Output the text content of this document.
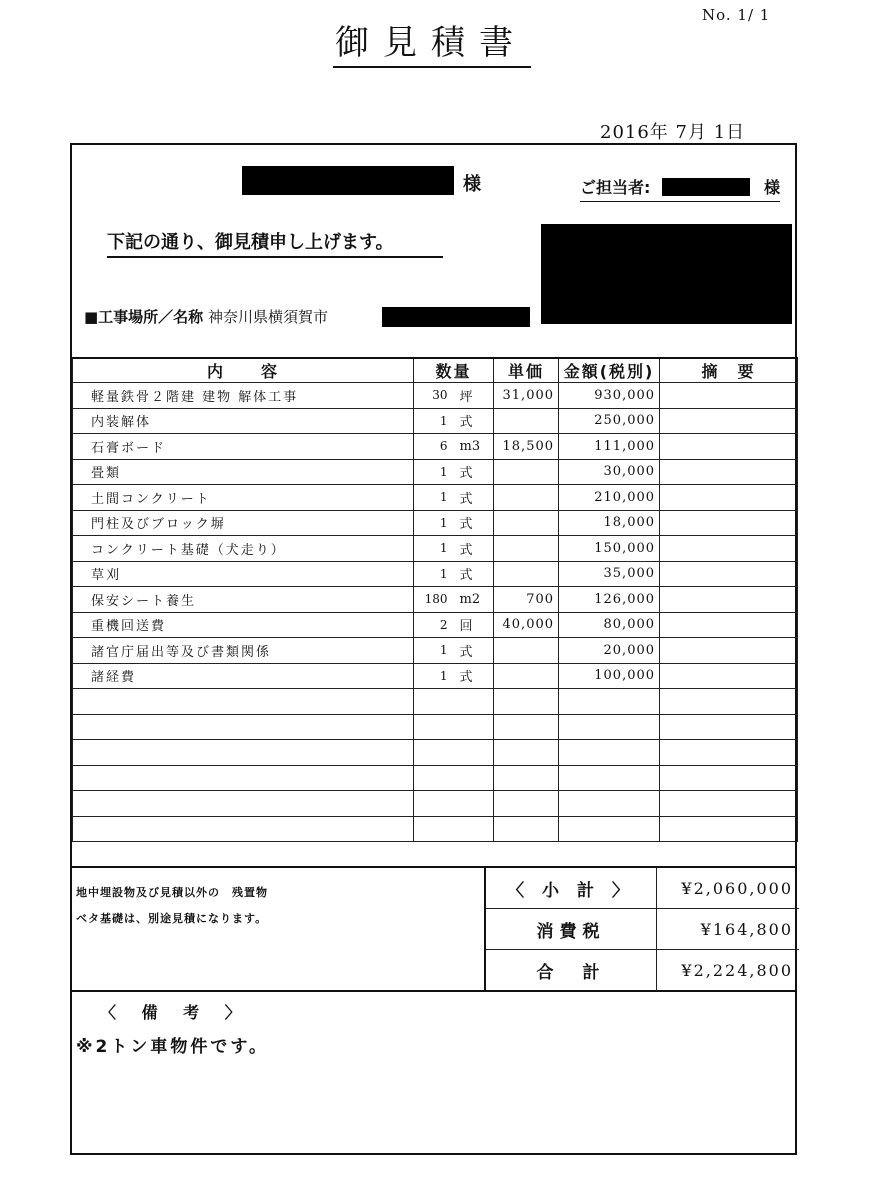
No. 1/ 1
御見積書
2016年 7月 1日
様	ご担当者:	様
下記の通り、御見積申し上げます。
■工事場所／名称 神奈川県横須賀市
内　　容	数量		単価	金額(税別)	摘　要
軽量鉄骨２階建 建物 解体工事	30	坪	31,000	930,000	
内装解体	1	式		250,000	
石膏ボード	6	m3	18,500	111,000	
畳類	1	式		30,000	
土間コンクリート	1	式		210,000	
門柱及びブロック塀	1	式		18,000	
コンクリート基礎（犬走り）	1	式		150,000	
草刈	1	式		35,000	
保安シート養生	180	m2	700	126,000	
重機回送費	2	回	40,000	80,000	
諸官庁届出等及び書類関係	1	式		20,000	
諸経費	1	式		100,000	

地中埋設物及び見積以外の　残置物
ベタ基礎は、別途見積になります。
〈 小 計 〉	¥2,060,000
消費税	¥164,800
合　計	¥2,224,800
〈 備 考 〉
※2トン車物件です。
